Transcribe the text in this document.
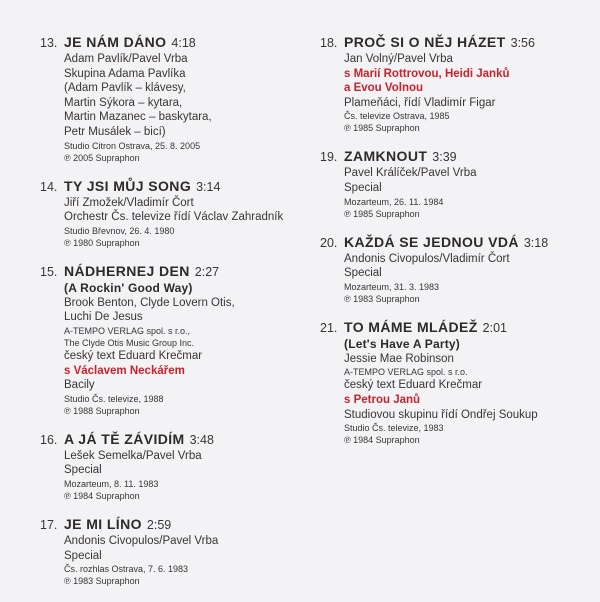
13. JE NÁM DÁNO 4:18
Adam Pavlík/Pavel Vrba
Skupina Adama Pavlíka
(Adam Pavlík – klávesy,
Martin Sýkora – kytara,
Martin Mazanec – baskytara,
Petr Musálek – bicí)
Studio Citron Ostrava, 25. 8. 2005
℗ 2005 Supraphon
14. TY JSI MŮJ SONG 3:14
Jiří Zmožek/Vladimír Čort
Orchestr Čs. televize řídí Václav Zahradník
Studio Břevnov, 26. 4. 1980
℗ 1980 Supraphon
15. NÁDHERNEJ DEN 2:27
(A Rockin' Good Way)
Brook Benton, Clyde Lovern Otis,
Luchi De Jesus
A-TEMPO VERLAG spol. s r.o.,
The Clyde Otis Music Group Inc.
český text Eduard Krečmar
s Václavem Neckářem
Bacily
Studio Čs. televize, 1988
℗ 1988 Supraphon
16. A JÁ TĚ ZÁVIDÍM 3:48
Lešek Semelka/Pavel Vrba
Special
Mozarteum, 8. 11. 1983
℗ 1984 Supraphon
17. JE MI LÍNO 2:59
Andonis Civopulos/Pavel Vrba
Special
Čs. rozhlas Ostrava, 7. 6. 1983
℗ 1983 Supraphon
18. PROČ SI O NĚJ HÁZET 3:56
Jan Volný/Pavel Vrba
s Marií Rottrovou, Heidi Janků
a Evou Volnou
Plameňáci, řídí Vladimír Figar
Čs. televize Ostrava, 1985
℗ 1985 Supraphon
19. ZAMKNOUT 3:39
Pavel Králíček/Pavel Vrba
Special
Mozarteum, 26. 11. 1984
℗ 1985 Supraphon
20. KAŽDÁ SE JEDNOU VDÁ 3:18
Andonis Civopulos/Vladimír Čort
Special
Mozarteum, 31. 3. 1983
℗ 1983 Supraphon
21. TO MÁME MLÁDEŽ 2:01
(Let's Have A Party)
Jessie Mae Robinson
A-TEMPO VERLAG spol. s r.o.
český text Eduard Krečmar
s Petrou Janů
Studiovou skupinu řídí Ondřej Soukup
Studio Čs. televize, 1983
℗ 1984 Supraphon
